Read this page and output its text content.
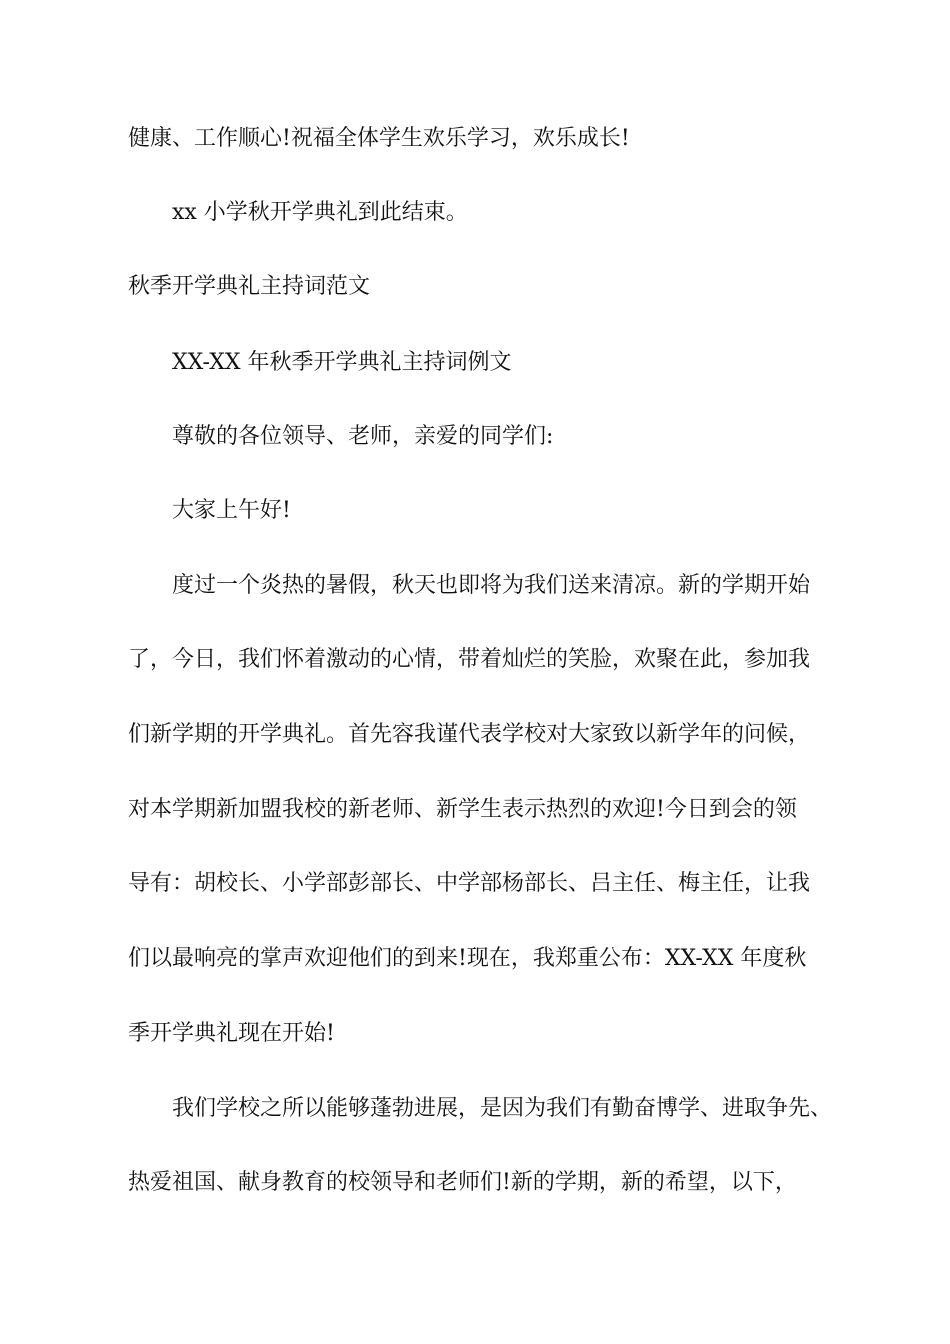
健康、工作顺心!祝福全体学生欢乐学习，欢乐成长!

xx 小学秋开学典礼到此结束。

秋季开学典礼主持词范文

XX-XX 年秋季开学典礼主持词例文

尊敬的各位领导、老师，亲爱的同学们:

大家上午好!

度过一个炎热的暑假，秋天也即将为我们送来清凉。新的学期开始

了，今日，我们怀着激动的心情，带着灿烂的笑脸，欢聚在此，参加我

们新学期的开学典礼。首先容我谨代表学校对大家致以新学年的问候，

对本学期新加盟我校的新老师、新学生表示热烈的欢迎!今日到会的领

导有：胡校长、小学部彭部长、中学部杨部长、吕主任、梅主任，让我

们以最响亮的掌声欢迎他们的到来!现在，我郑重公布：XX-XX 年度秋

季开学典礼现在开始!

我们学校之所以能够蓬勃进展，是因为我们有勤奋博学、进取争先、

热爱祖国、献身教育的校领导和老师们!新的学期，新的希望，以下，
